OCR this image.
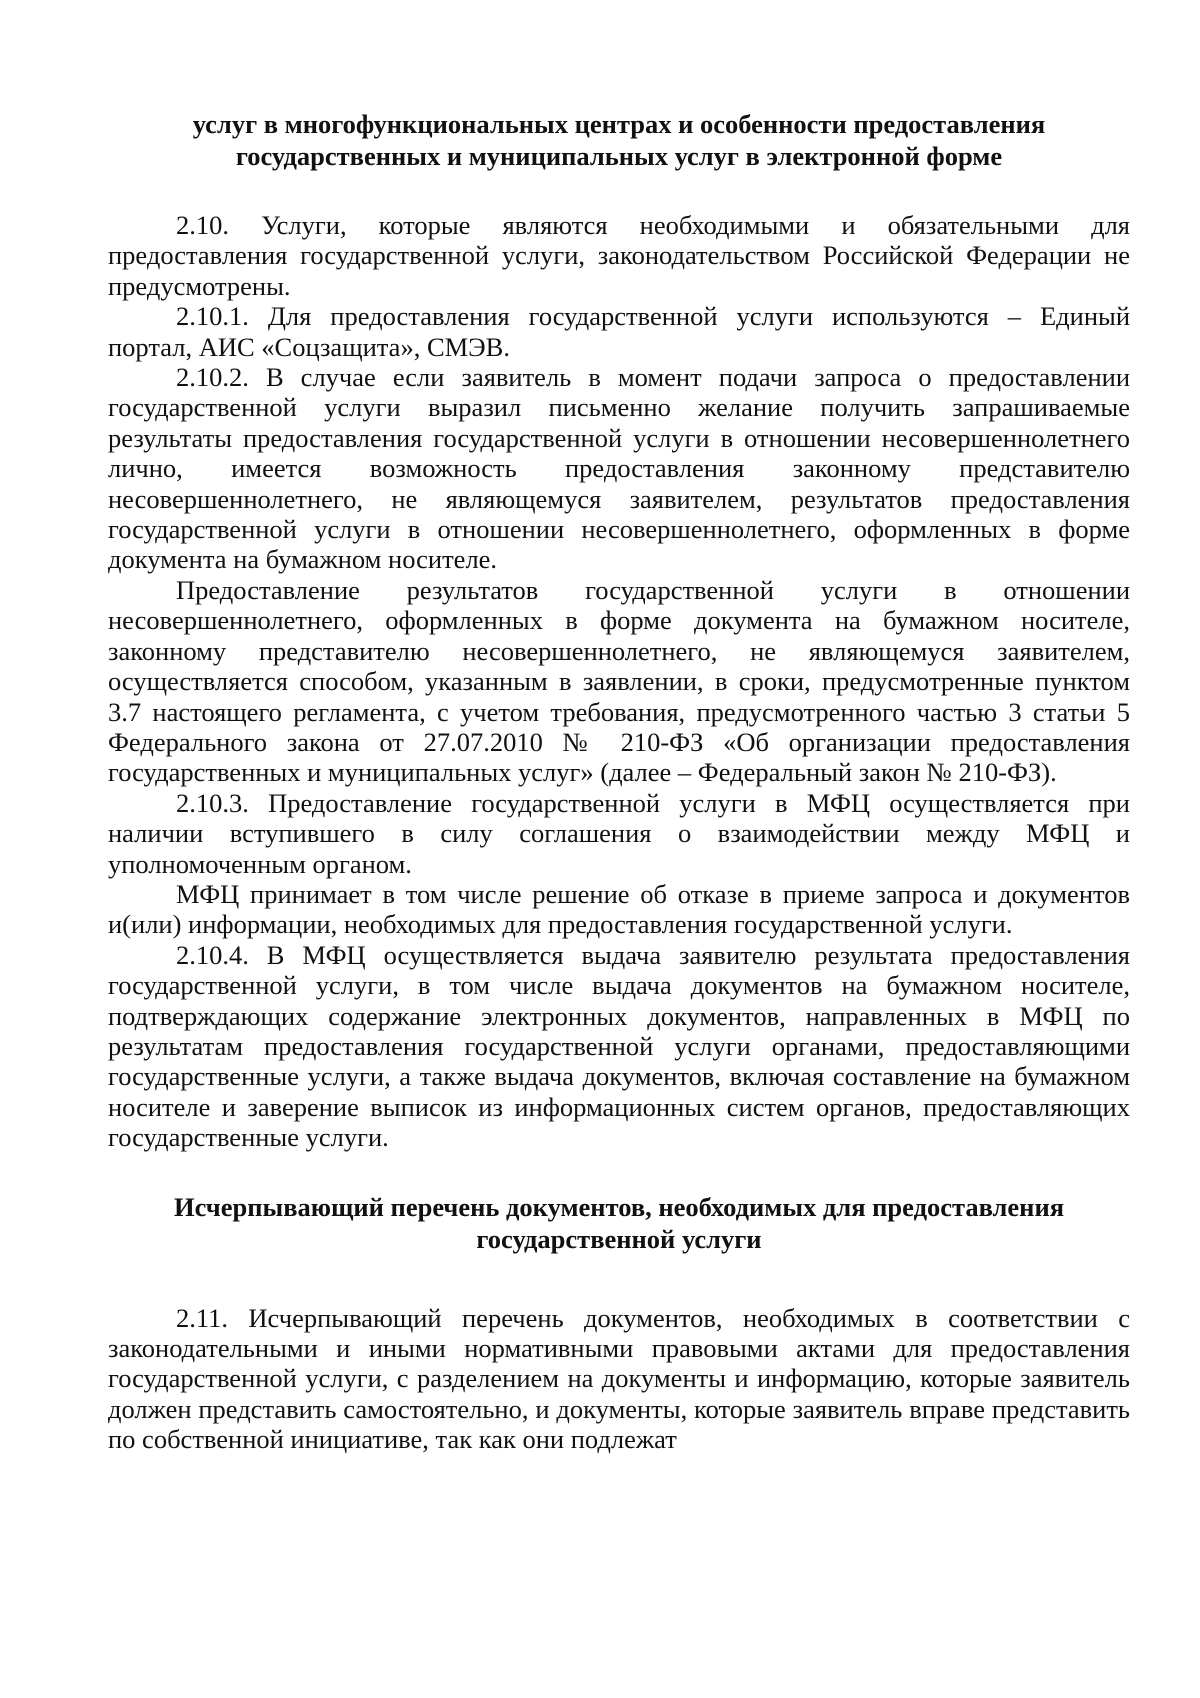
услуг в многофункциональных центрах и особенности предоставления
государственных и муниципальных услуг в электронной форме

2.10. Услуги, которые являются необходимыми и обязательными для предоставления государственной услуги, законодательством Российской Федерации не предусмотрены.

2.10.1. Для предоставления государственной услуги используются – Единый портал, АИС «Соцзащита», СМЭВ.

2.10.2. В случае если заявитель в момент подачи запроса о предоставлении государственной услуги выразил письменно желание получить запрашиваемые результаты предоставления государственной услуги в отношении несовершеннолетнего лично, имеется возможность предоставления законному представителю несовершеннолетнего, не являющемуся заявителем, результатов предоставления государственной услуги в отношении несовершеннолетнего, оформленных в форме документа на бумажном носителе.

Предоставление результатов государственной услуги в отношении несовершеннолетнего, оформленных в форме документа на бумажном носителе, законному представителю несовершеннолетнего, не являющемуся заявителем, осуществляется способом, указанным в заявлении, в сроки, предусмотренные пунктом 3.7 настоящего регламента, с учетом требования, предусмотренного частью 3 статьи 5 Федерального закона от 27.07.2010 № 210-ФЗ «Об организации предоставления государственных и муниципальных услуг» (далее – Федеральный закон № 210-ФЗ).

2.10.3. Предоставление государственной услуги в МФЦ осуществляется при наличии вступившего в силу соглашения о взаимодействии между МФЦ и уполномоченным органом.

МФЦ принимает в том числе решение об отказе в приеме запроса и документов и(или) информации, необходимых для предоставления государственной услуги.

2.10.4. В МФЦ осуществляется выдача заявителю результата предоставления государственной услуги, в том числе выдача документов на бумажном носителе, подтверждающих содержание электронных документов, направленных в МФЦ по результатам предоставления государственной услуги органами, предоставляющими государственные услуги, а также выдача документов, включая составление на бумажном носителе и заверение выписок из информационных систем органов, предоставляющих государственные услуги.

Исчерпывающий перечень документов, необходимых для предоставления
государственной услуги

2.11. Исчерпывающий перечень документов, необходимых в соответствии с законодательными и иными нормативными правовыми актами для предоставления государственной услуги, с разделением на документы и информацию, которые заявитель должен представить самостоятельно, и документы, которые заявитель вправе представить по собственной инициативе, так как они подлежат
